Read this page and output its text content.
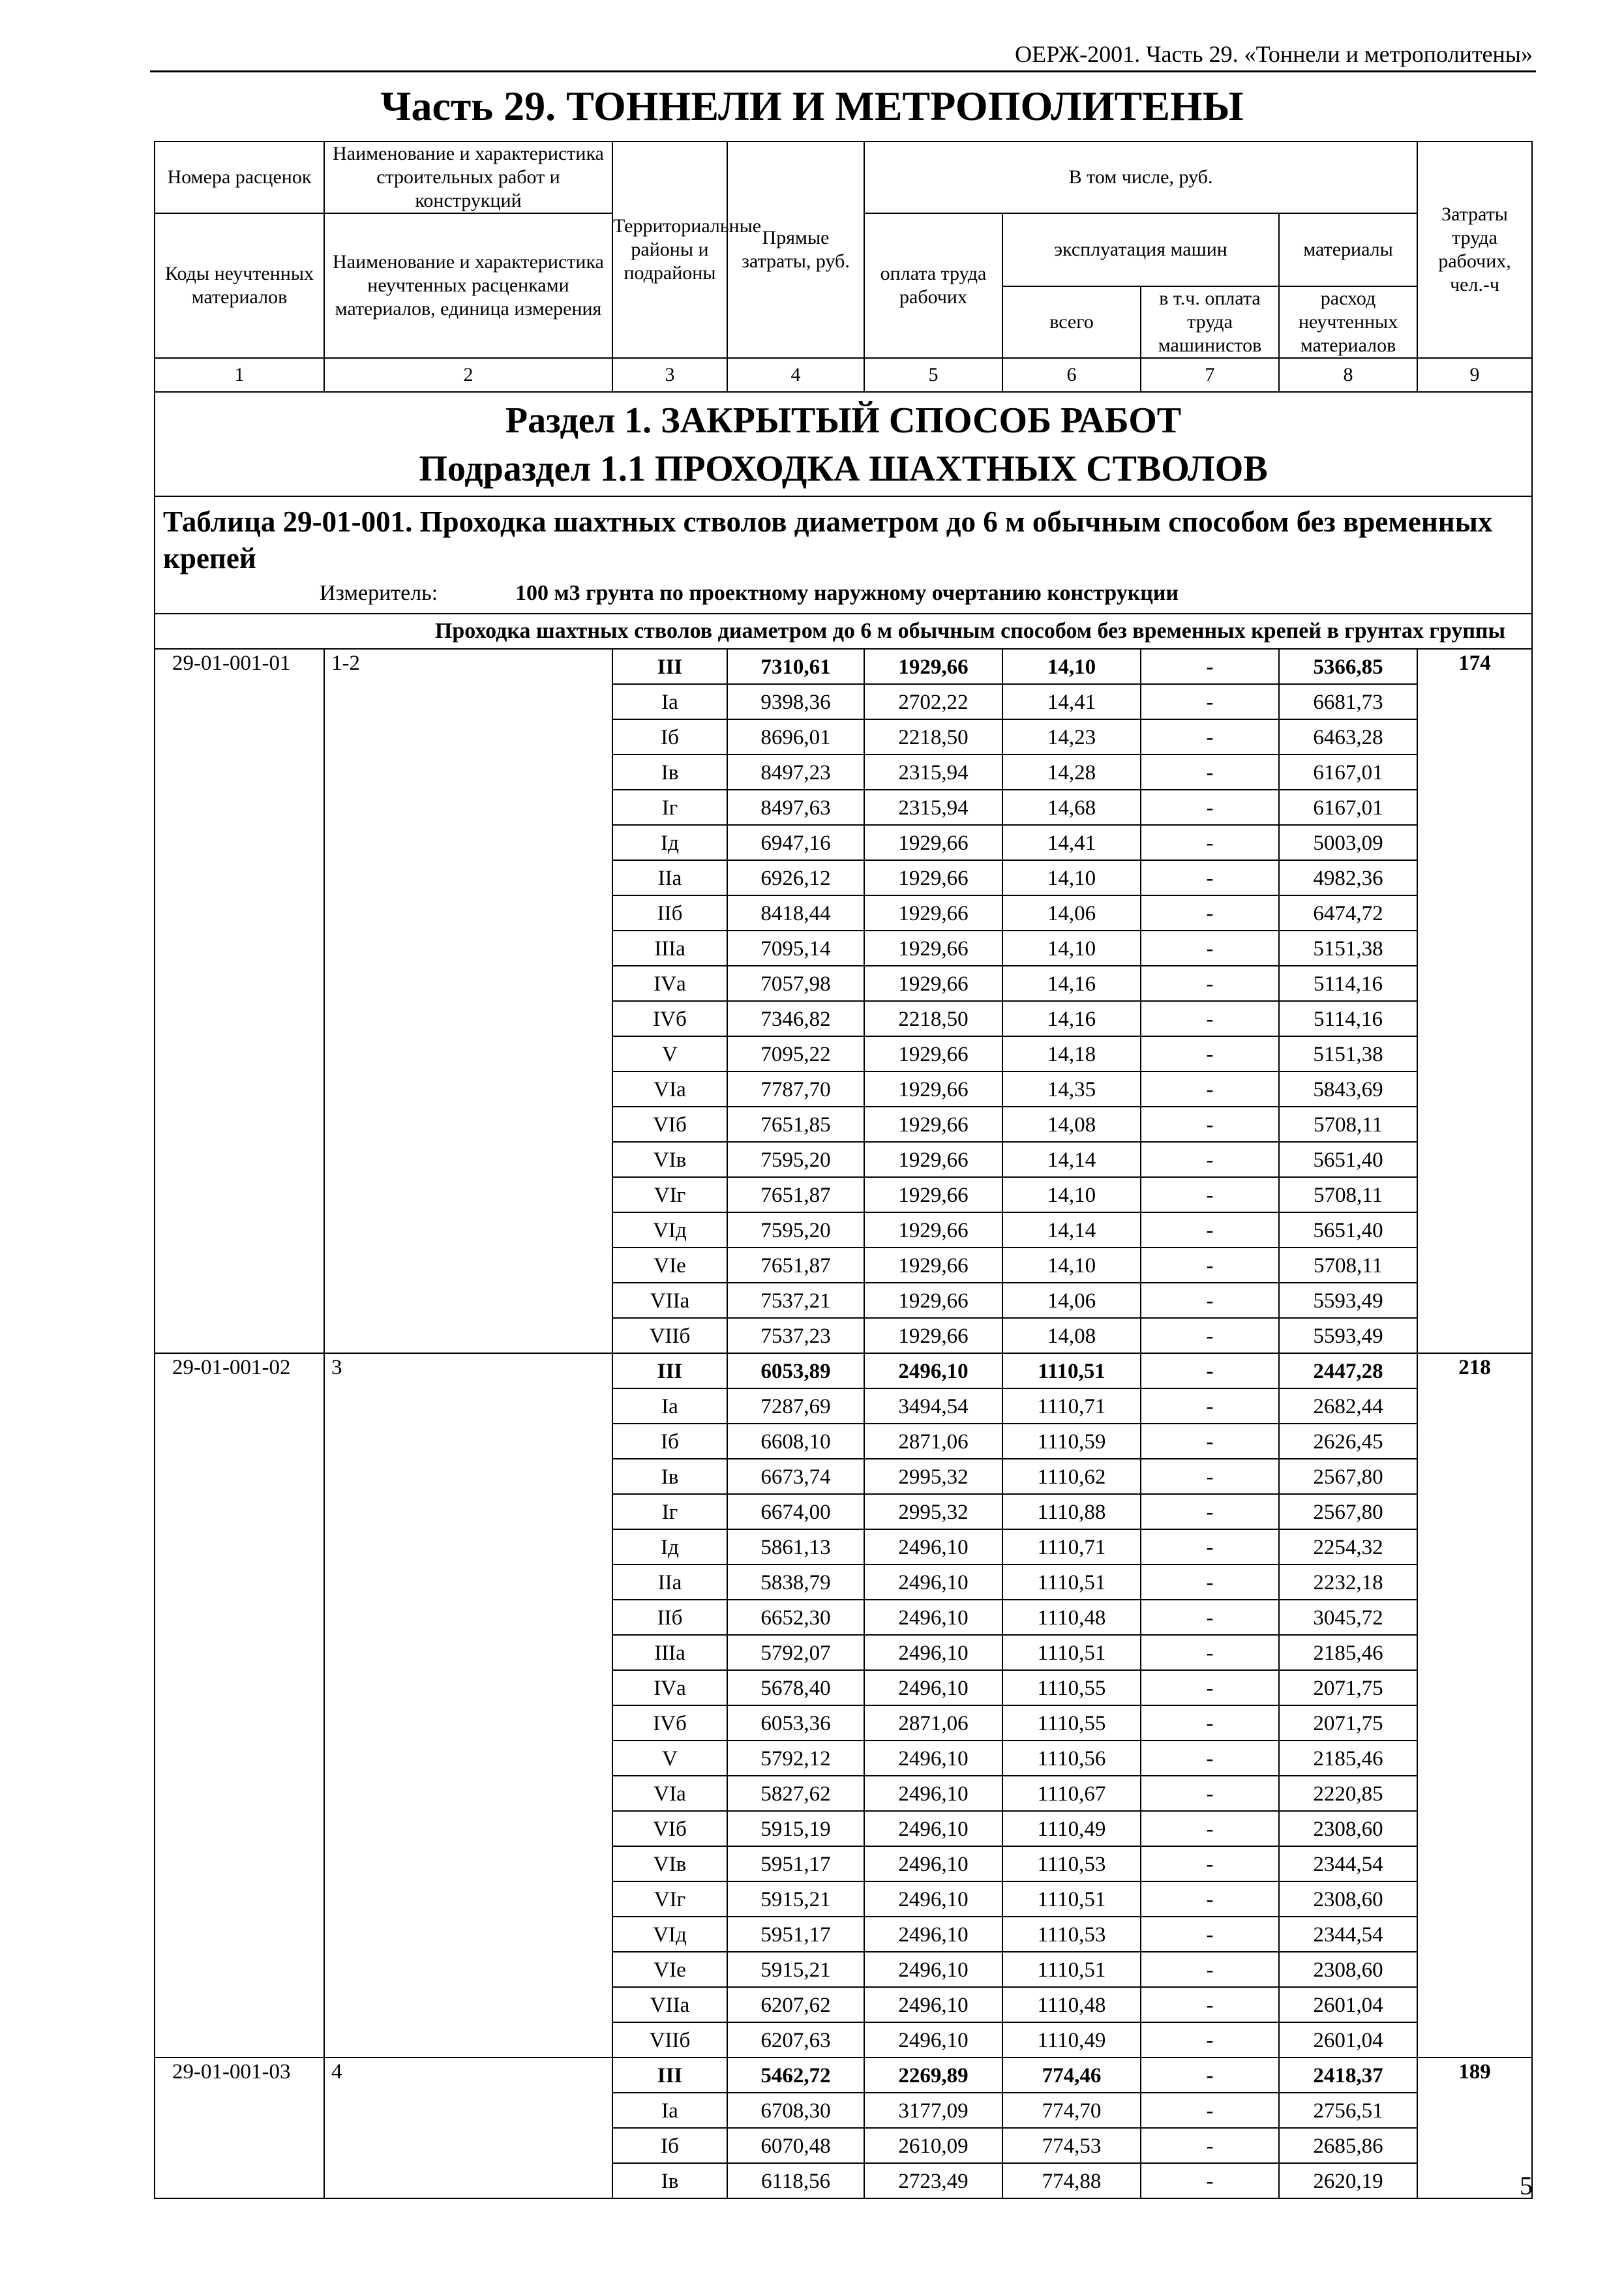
ОЕРЖ-2001. Часть 29. «Тоннели и метрополитены»
Часть 29. ТОННЕЛИ И МЕТРОПОЛИТЕНЫ
Номера расценок	Наименование и характеристика строительных работ и конструкций	Территориальные районы и подрайоны	Прямые затраты, руб.	В том числе, руб.				Затраты труда рабочих, чел.-ч
Коды неучтенных материалов	Наименование и характеристика неучтенных расценками материалов, единица измерения			оплата труда рабочих	эксплуатация машин		материалы	
					всего	в т.ч. оплата труда машинистов	расход неучтенных материалов	

1	2	3	4	5	6	7	8	9

Раздел 1. ЗАКРЫТЫЙ СПОСОБ РАБОТ
Подраздел 1.1 ПРОХОДКА ШАХТНЫХ СТВОЛОВ								

Таблица 29-01-001. Проходка шахтных стволов диаметром до 6 м обычным способом без временных крепей
Измеритель: 100 м3 грунта по проектному наружному очертанию конструкции								

Проходка шахтных стволов диаметром до 6 м обычным способом без временных крепей в грунтах группы								
29-01-001-01	1-2	III	7310,61	1929,66	14,10	-	5366,85	174
		Iа	9398,36	2702,22	14,41	-	6681,73	
		Iб	8696,01	2218,50	14,23	-	6463,28	
		Iв	8497,23	2315,94	14,28	-	6167,01	
		Iг	8497,63	2315,94	14,68	-	6167,01	
		Iд	6947,16	1929,66	14,41	-	5003,09	
		IIа	6926,12	1929,66	14,10	-	4982,36	
		IIб	8418,44	1929,66	14,06	-	6474,72	
		IIIа	7095,14	1929,66	14,10	-	5151,38	
		IVа	7057,98	1929,66	14,16	-	5114,16	
		IVб	7346,82	2218,50	14,16	-	5114,16	
		V	7095,22	1929,66	14,18	-	5151,38	
		VIа	7787,70	1929,66	14,35	-	5843,69	
		VIб	7651,85	1929,66	14,08	-	5708,11	
		VIв	7595,20	1929,66	14,14	-	5651,40	
		VIг	7651,87	1929,66	14,10	-	5708,11	
		VIд	7595,20	1929,66	14,14	-	5651,40	
		VIе	7651,87	1929,66	14,10	-	5708,11	
		VIIа	7537,21	1929,66	14,06	-	5593,49	
		VIIб	7537,23	1929,66	14,08	-	5593,49	
29-01-001-02	3	III	6053,89	2496,10	1110,51	-	2447,28	218
		Iа	7287,69	3494,54	1110,71	-	2682,44	
		Iб	6608,10	2871,06	1110,59	-	2626,45	
		Iв	6673,74	2995,32	1110,62	-	2567,80	
		Iг	6674,00	2995,32	1110,88	-	2567,80	
		Iд	5861,13	2496,10	1110,71	-	2254,32	
		IIа	5838,79	2496,10	1110,51	-	2232,18	
		IIб	6652,30	2496,10	1110,48	-	3045,72	
		IIIа	5792,07	2496,10	1110,51	-	2185,46	
		IVа	5678,40	2496,10	1110,55	-	2071,75	
		IVб	6053,36	2871,06	1110,55	-	2071,75	
		V	5792,12	2496,10	1110,56	-	2185,46	
		VIа	5827,62	2496,10	1110,67	-	2220,85	
		VIб	5915,19	2496,10	1110,49	-	2308,60	
		VIв	5951,17	2496,10	1110,53	-	2344,54	
		VIг	5915,21	2496,10	1110,51	-	2308,60	
		VIд	5951,17	2496,10	1110,53	-	2344,54	
		VIе	5915,21	2496,10	1110,51	-	2308,60	
		VIIа	6207,62	2496,10	1110,48	-	2601,04	
		VIIб	6207,63	2496,10	1110,49	-	2601,04	
29-01-001-03	4	III	5462,72	2269,89	774,46	-	2418,37	189
		Iа	6708,30	3177,09	774,70	-	2756,51	
		Iб	6070,48	2610,09	774,53	-	2685,86	
		Iв	6118,56	2723,49	774,88	-	2620,19		5
